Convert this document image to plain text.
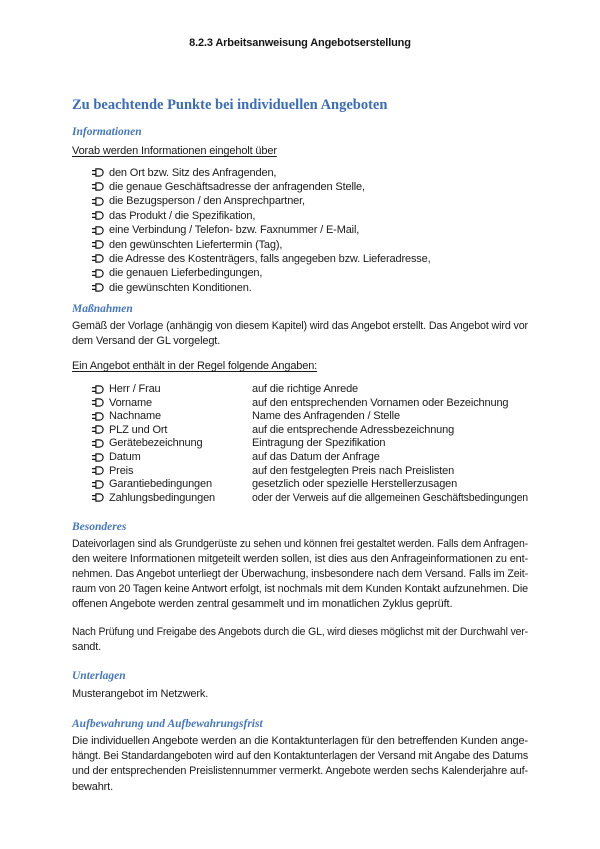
8.2.3 Arbeitsanweisung Angebotserstellung
Zu beachtende Punkte bei individuellen Angeboten
Informationen
Vorab werden Informationen eingeholt über
den Ort bzw. Sitz des Anfragenden,
die genaue Geschäftsadresse der anfragenden Stelle,
die Bezugsperson / den Ansprechpartner,
das Produkt / die Spezifikation,
eine Verbindung / Telefon- bzw. Faxnummer / E-Mail,
den gewünschten Liefertermin (Tag),
die Adresse des Kostenträgers, falls angegeben bzw. Lieferadresse,
die genauen Lieferbedingungen,
die gewünschten Konditionen.
Maßnahmen
Gemäß der Vorlage (anhängig von diesem Kapitel) wird das Angebot erstellt. Das Angebot wird vor
dem Versand der GL vorgelegt.
Ein Angebot enthält in der Regel folgende Angaben:
Herr / Frau	auf die richtige Anrede
Vorname	auf den entsprechenden Vornamen oder Bezeichnung
Nachname	Name des Anfragenden / Stelle
PLZ und Ort	auf die entsprechende Adressbezeichnung
Gerätebezeichnung	Eintragung der Spezifikation
Datum	auf das Datum der Anfrage
Preis	auf den festgelegten Preis nach Preislisten
Garantiebedingungen	gesetzlich oder spezielle Herstellerzusagen
Zahlungsbedingungen	oder der Verweis auf die allgemeinen Geschäftsbedingungen
Besonderes
Dateivorlagen sind als Grundgerüste zu sehen und können frei gestaltet werden. Falls dem Anfragen-
den weitere Informationen mitgeteilt werden sollen, ist dies aus den Anfrageinformationen zu ent-
nehmen. Das Angebot unterliegt der Überwachung, insbesondere nach dem Versand. Falls im Zeit-
raum von 20 Tagen keine Antwort erfolgt, ist nochmals mit dem Kunden Kontakt aufzunehmen. Die
offenen Angebote werden zentral gesammelt und im monatlichen Zyklus geprüft.
Nach Prüfung und Freigabe des Angebots durch die GL, wird dieses möglichst mit der Durchwahl ver-
sandt.
Unterlagen
Musterangebot im Netzwerk.
Aufbewahrung und Aufbewahrungsfrist
Die individuellen Angebote werden an die Kontaktunterlagen für den betreffenden Kunden ange-
hängt. Bei Standardangeboten wird auf den Kontaktunterlagen der Versand mit Angabe des Datums
und der entsprechenden Preislistennummer vermerkt. Angebote werden sechs Kalenderjahre auf-
bewahrt.
